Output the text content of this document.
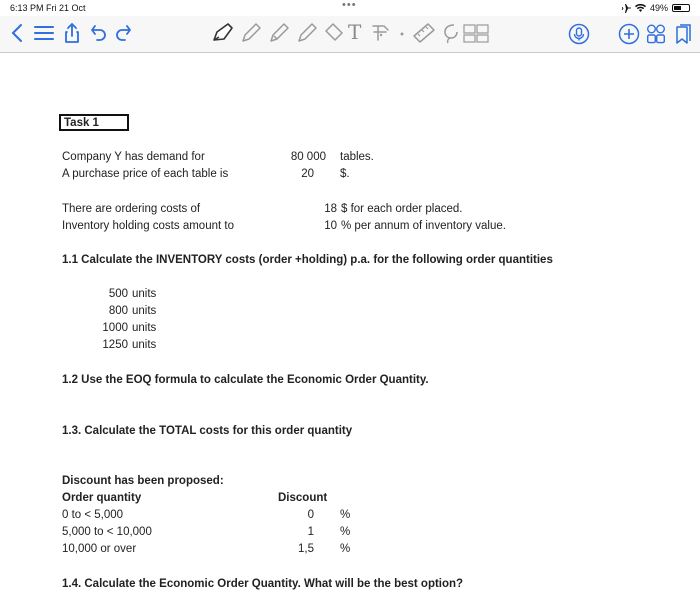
6:13 PM Fri 21 Oct	•••	49%
T
Task 1
Company Y has demand for	80 000 tables.
A purchase price of each table is	20 $.
There are ordering costs of	18 $ for each order placed.
Inventory holding costs amount to	10 % per annum of inventory value.
1.1 Calculate the INVENTORY costs (order +holding) p.a. for the following order quantities
500 units
800 units
1000 units
1250 units
1.2 Use the EOQ formula to calculate the Economic Order Quantity.
1.3. Calculate the TOTAL costs for this order quantity
Discount has been proposed:
Order quantity	Discount
0 to < 5,000	0 %
5,000 to < 10,000	1 %
10,000 or over	1,5 %
1.4. Calculate the Economic Order Quantity. What will be the best option?
